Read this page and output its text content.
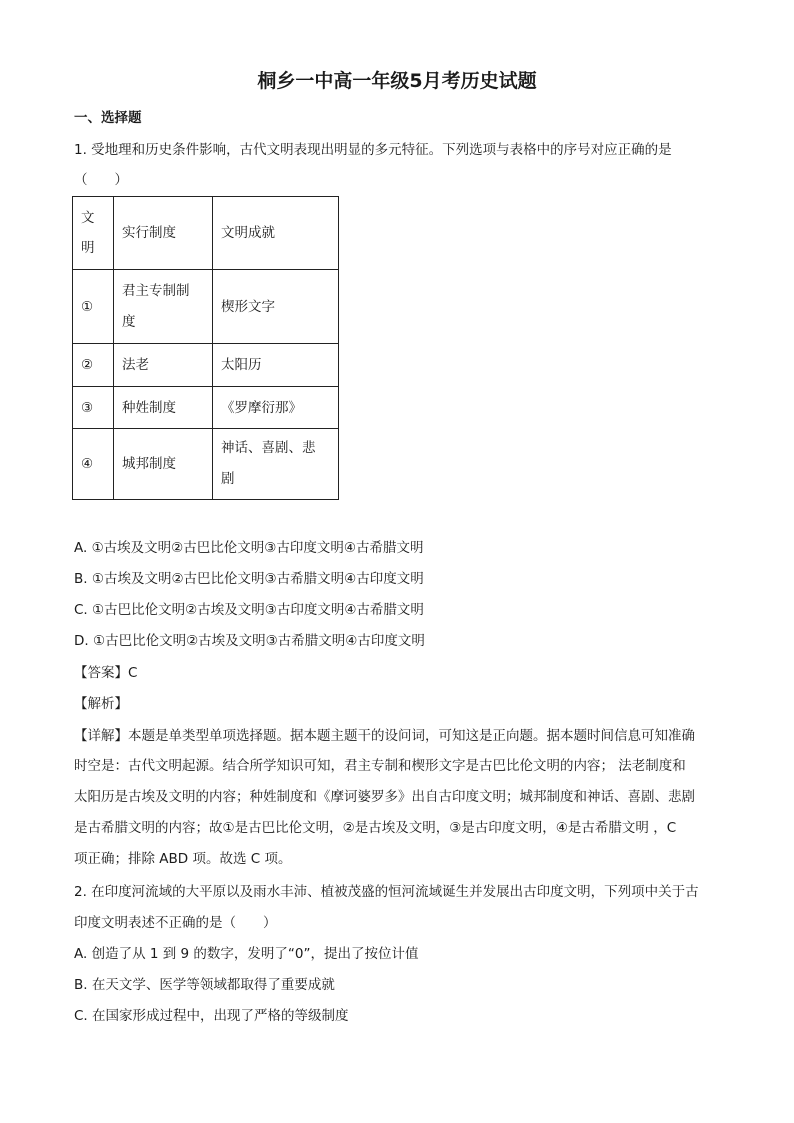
桐乡一中高一年级5月考历史试题
一、选择题
1. 受地理和历史条件影响，古代文明表现出明显的多元特征。下列选项与表格中的序号对应正确的是
（　　）
文明	实行制度	文明成就
①	君主专制制度	楔形文字
②	法老	太阳历
③	种姓制度	《罗摩衍那》
④	城邦制度	神话、喜剧、悲剧
A. ①古埃及文明②古巴比伦文明③古印度文明④古希腊文明
B. ①古埃及文明②古巴比伦文明③古希腊文明④古印度文明
C. ①古巴比伦文明②古埃及文明③古印度文明④古希腊文明
D. ①古巴比伦文明②古埃及文明③古希腊文明④古印度文明
【答案】C
【解析】
【详解】本题是单类型单项选择题。据本题主题干的设问词，可知这是正向题。据本题时间信息可知准确
时空是：古代文明起源。结合所学知识可知，君主专制和楔形文字是古巴比伦文明的内容； 法老制度和
太阳历是古埃及文明的内容；种姓制度和《摩诃婆罗多》出自古印度文明；城邦制度和神话、喜剧、悲剧
是古希腊文明的内容；故①是古巴比伦文明，②是古埃及文明，③是古印度文明，④是古希腊文明 ，C
项正确；排除 ABD 项。故选 C 项。
2. 在印度河流域的大平原以及雨水丰沛、植被茂盛的恒河流域诞生并发展出古印度文明，下列项中关于古
印度文明表述不正确的是（　　）
A. 创造了从 1 到 9 的数字，发明了“0”，提出了按位计值
B. 在天文学、医学等领域都取得了重要成就
C. 在国家形成过程中，出现了严格的等级制度
